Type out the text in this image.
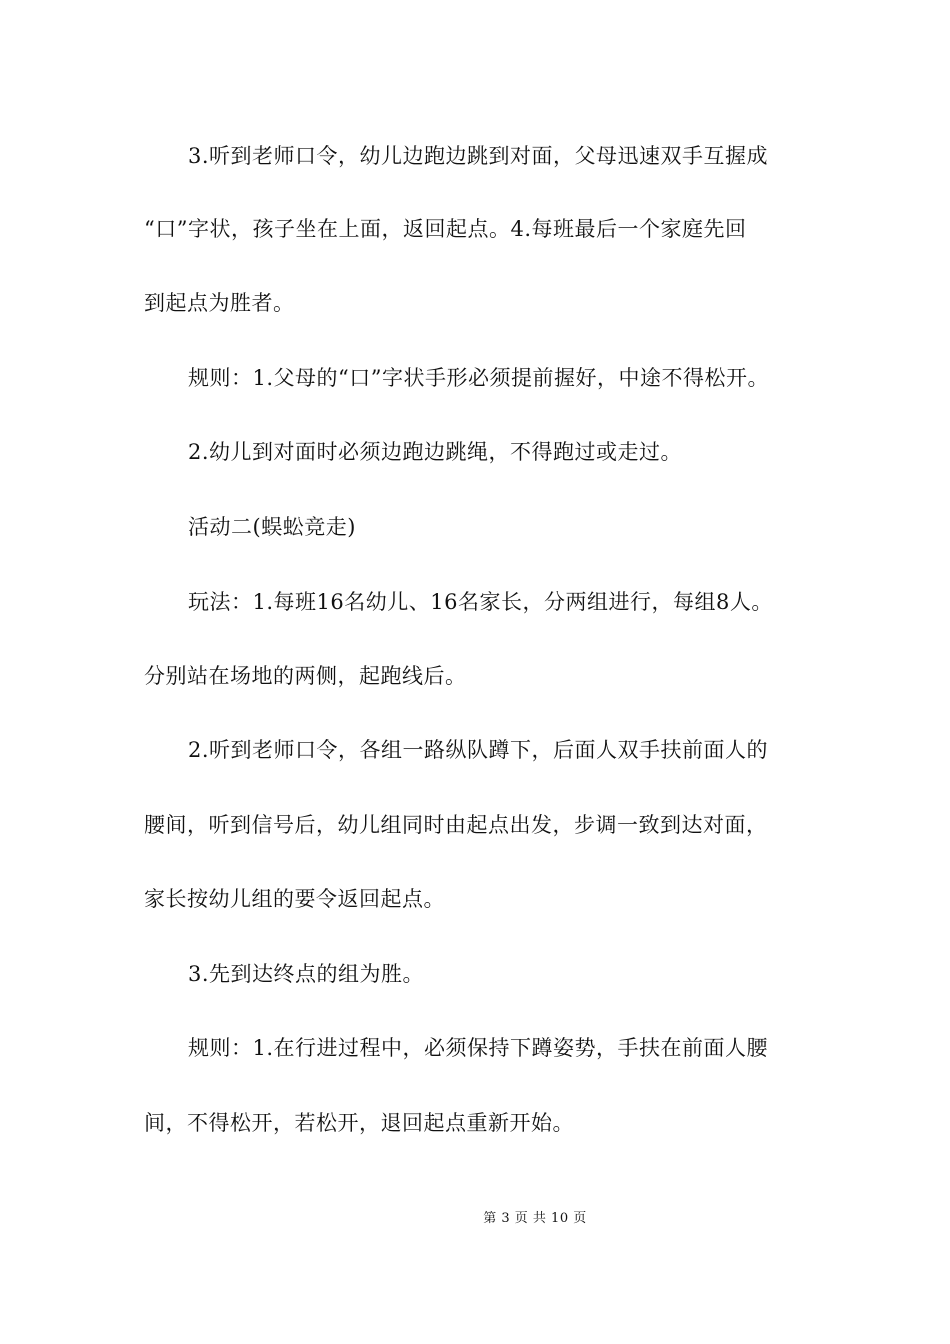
3.听到老师口令，幼儿边跑边跳到对面，父母迅速双手互握成
“口”字状，孩子坐在上面，返回起点。4.每班最后一个家庭先回
到起点为胜者。
规则：1.父母的“口”字状手形必须提前握好，中途不得松开。
2.幼儿到对面时必须边跑边跳绳，不得跑过或走过。
活动二(蜈蚣竞走)
玩法：1.每班16名幼儿、16名家长，分两组进行，每组8人。
分别站在场地的两侧，起跑线后。
2.听到老师口令，各组一路纵队蹲下，后面人双手扶前面人的
腰间，听到信号后，幼儿组同时由起点出发，步调一致到达对面，
家长按幼儿组的要令返回起点。
3.先到达终点的组为胜。
规则：1.在行进过程中，必须保持下蹲姿势，手扶在前面人腰
间，不得松开，若松开，退回起点重新开始。
第 3 页 共 10 页
